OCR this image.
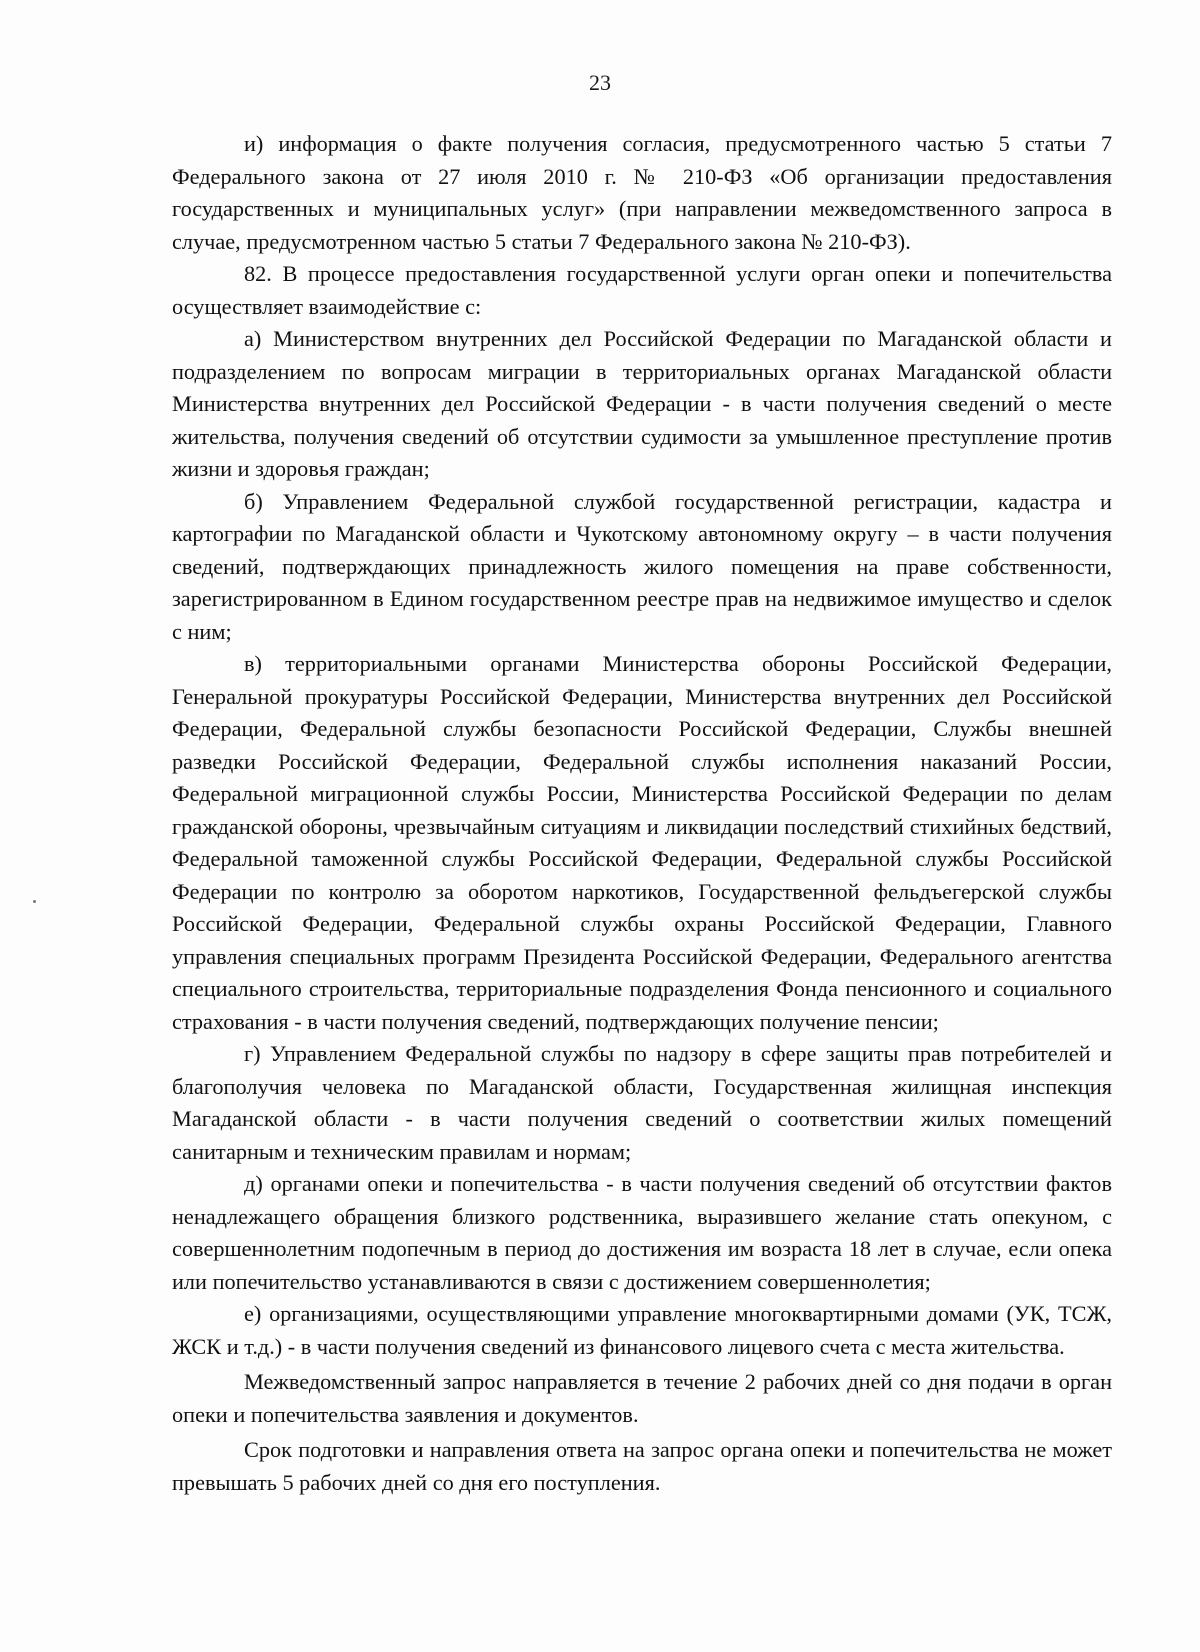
23

и) информация о факте получения согласия, предусмотренного частью 5 статьи 7 Федерального закона от 27 июля 2010 г. № 210-ФЗ «Об организации предоставления государственных и муниципальных услуг» (при направлении межведомственного запроса в случае, предусмотренном частью 5 статьи 7 Федерального закона № 210-ФЗ).

82. В процессе предоставления государственной услуги орган опеки и попечительства осуществляет взаимодействие с:

а) Министерством внутренних дел Российской Федерации по Магаданской области и подразделением по вопросам миграции в территориальных органах Магаданской области Министерства внутренних дел Российской Федерации - в части получения сведений о месте жительства, получения сведений об отсутствии судимости за умышленное преступление против жизни и здоровья граждан;

б) Управлением Федеральной службой государственной регистрации, кадастра и картографии по Магаданской области и Чукотскому автономному округу – в части получения сведений, подтверждающих принадлежность жилого помещения на праве собственности, зарегистрированном в Едином государственном реестре прав на недвижимое имущество и сделок с ним;

в) территориальными органами Министерства обороны Российской Федерации, Генеральной прокуратуры Российской Федерации, Министерства внутренних дел Российской Федерации, Федеральной службы безопасности Российской Федерации, Службы внешней разведки Российской Федерации, Федеральной службы исполнения наказаний России, Федеральной миграционной службы России, Министерства Российской Федерации по делам гражданской обороны, чрезвычайным ситуациям и ликвидации последствий стихийных бедствий, Федеральной таможенной службы Российской Федерации, Федеральной службы Российской Федерации по контролю за оборотом наркотиков, Государственной фельдъегерской службы Российской Федерации, Федеральной службы охраны Российской Федерации, Главного управления специальных программ Президента Российской Федерации, Федерального агентства специального строительства, территориальные подразделения Фонда пенсионного и социального страхования - в части получения сведений, подтверждающих получение пенсии;

г) Управлением Федеральной службы по надзору в сфере защиты прав потребителей и благополучия человека по Магаданской области, Государственная жилищная инспекция Магаданской области - в части получения сведений о соответствии жилых помещений санитарным и техническим правилам и нормам;

д) органами опеки и попечительства - в части получения сведений об отсутствии фактов ненадлежащего обращения близкого родственника, выразившего желание стать опекуном, с совершеннолетним подопечным в период до достижения им возраста 18 лет в случае, если опека или попечительство устанавливаются в связи с достижением совершеннолетия;

е) организациями, осуществляющими управление многоквартирными домами (УК, ТСЖ, ЖСК и т.д.) - в части получения сведений из финансового лицевого счета с места жительства.

Межведомственный запрос направляется в течение 2 рабочих дней со дня подачи в орган опеки и попечительства заявления и документов.

Срок подготовки и направления ответа на запрос органа опеки и попечительства не может превышать 5 рабочих дней со дня его поступления.
